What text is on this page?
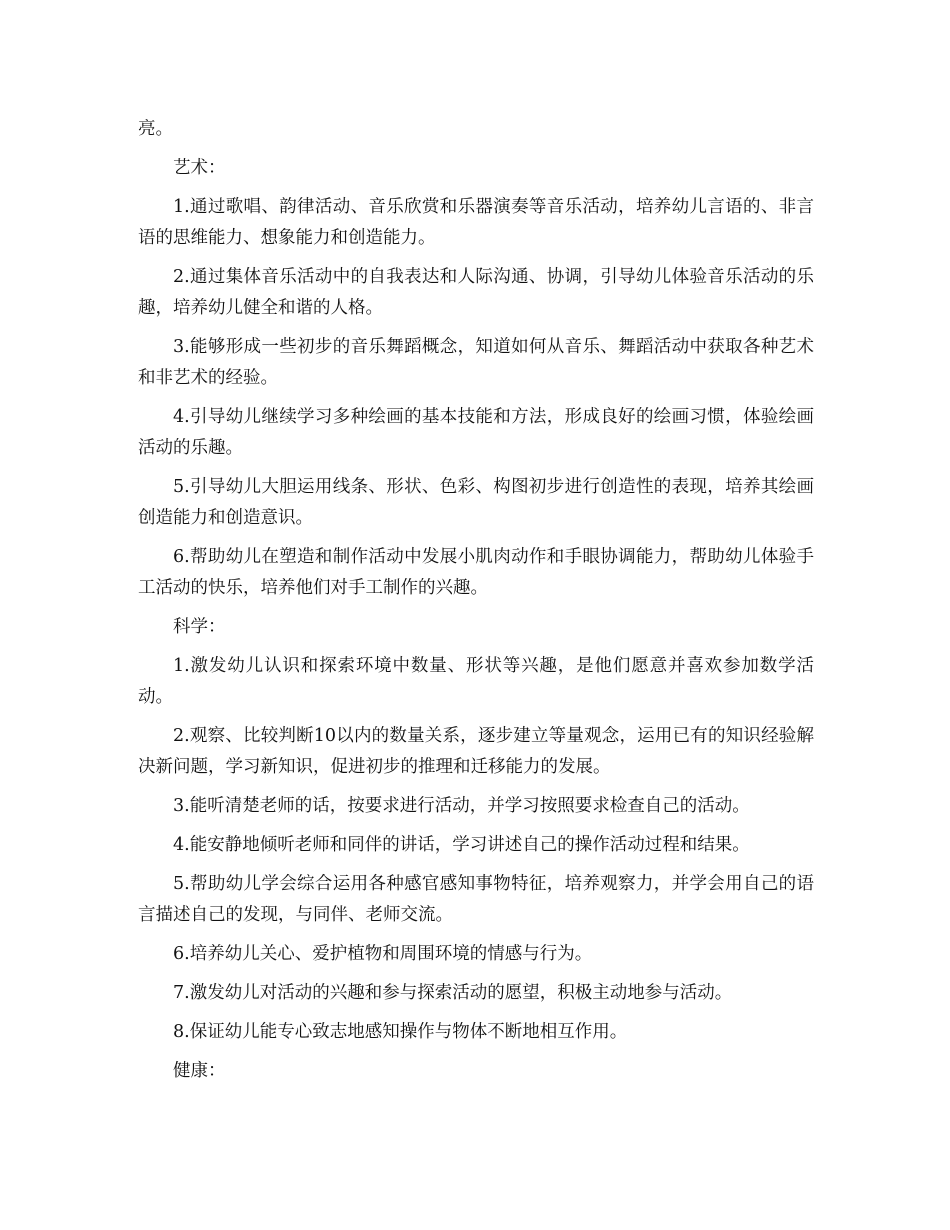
亮。

艺术：

1.通过歌唱、韵律活动、音乐欣赏和乐器演奏等音乐活动，培养幼儿言语的、非言语的思维能力、想象能力和创造能力。

2.通过集体音乐活动中的自我表达和人际沟通、协调，引导幼儿体验音乐活动的乐趣，培养幼儿健全和谐的人格。

3.能够形成一些初步的音乐舞蹈概念，知道如何从音乐、舞蹈活动中获取各种艺术和非艺术的经验。

4.引导幼儿继续学习多种绘画的基本技能和方法，形成良好的绘画习惯，体验绘画活动的乐趣。

5.引导幼儿大胆运用线条、形状、色彩、构图初步进行创造性的表现，培养其绘画创造能力和创造意识。

6.帮助幼儿在塑造和制作活动中发展小肌肉动作和手眼协调能力，帮助幼儿体验手工活动的快乐，培养他们对手工制作的兴趣。

科学：

1.激发幼儿认识和探索环境中数量、形状等兴趣，是他们愿意并喜欢参加数学活动。

2.观察、比较判断10以内的数量关系，逐步建立等量观念，运用已有的知识经验解决新问题，学习新知识，促进初步的推理和迁移能力的发展。

3.能听清楚老师的话，按要求进行活动，并学习按照要求检查自己的活动。

4.能安静地倾听老师和同伴的讲话，学习讲述自己的操作活动过程和结果。

5.帮助幼儿学会综合运用各种感官感知事物特征，培养观察力，并学会用自己的语言描述自己的发现，与同伴、老师交流。

6.培养幼儿关心、爱护植物和周围环境的情感与行为。

7.激发幼儿对活动的兴趣和参与探索活动的愿望，积极主动地参与活动。

8.保证幼儿能专心致志地感知操作与物体不断地相互作用。

健康：
